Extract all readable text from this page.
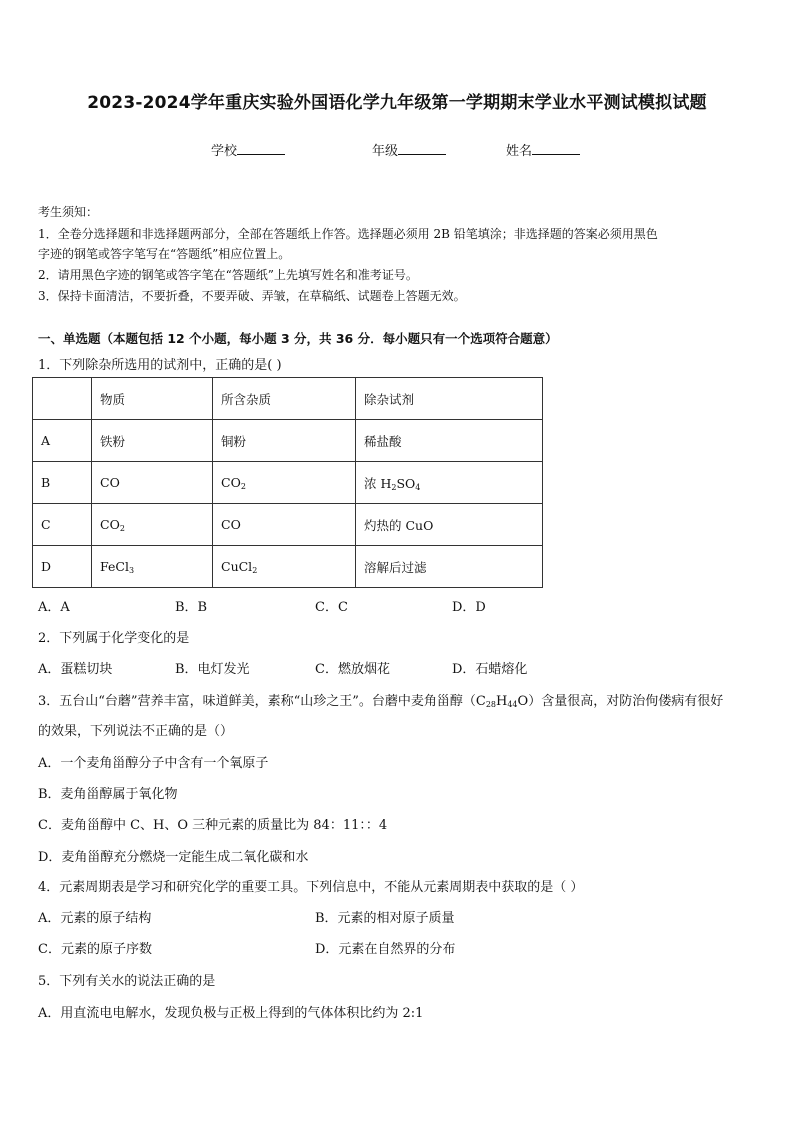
2023-2024学年重庆实验外国语化学九年级第一学期期末学业水平测试模拟试题
学校	年级	姓名
考生须知：
1．全卷分选择题和非选择题两部分，全部在答题纸上作答。选择题必须用 2B 铅笔填涂；非选择题的答案必须用黑色
字迹的钢笔或答字笔写在“答题纸”相应位置上。
2．请用黑色字迹的钢笔或答字笔在“答题纸”上先填写姓名和准考证号。
3．保持卡面清洁，不要折叠，不要弄破、弄皱，在草稿纸、试题卷上答题无效。
一、单选题（本题包括 12 个小题，每小题 3 分，共 36 分．每小题只有一个选项符合题意）
1．下列除杂所选用的试剂中，正确的是( )
	物质	所含杂质	除杂试剂
A	铁粉	铜粉	稀盐酸
B	CO	$CO_2$	浓 $H_2SO_4$
C	$CO_2$	CO	灼热的 CuO
D	FeCl$_3$	CuCl$_2$	溶解后过滤
A．A	B．B	C．C	D．D
2．下列属于化学变化的是
A．蛋糕切块	B．电灯发光	C．燃放烟花	D．石蜡熔化
3．五台山“台蘑”营养丰富，味道鲜美，素称“山珍之王”。台蘑中麦角甾醇$(C_{28}H_{44}O)$含量很高，对防治佝偻病有很好
的效果，下列说法不正确的是（）
A．一个麦角甾醇分子中含有一个氧原子
B．麦角甾醇属于氧化物
C．麦角甾醇中 C、H、O 三种元素的质量比为 84：11：：4
D．麦角甾醇充分燃烧一定能生成二氧化碳和水
4．元素周期表是学习和研究化学的重要工具。下列信息中，不能从元素周期表中获取的是（ ）
A．元素的原子结构	B．元素的相对原子质量
C．元素的原子序数	D．元素在自然界的分布
5．下列有关水的说法正确的是
A．用直流电电解水，发现负极与正极上得到的气体体积比约为 2:1
